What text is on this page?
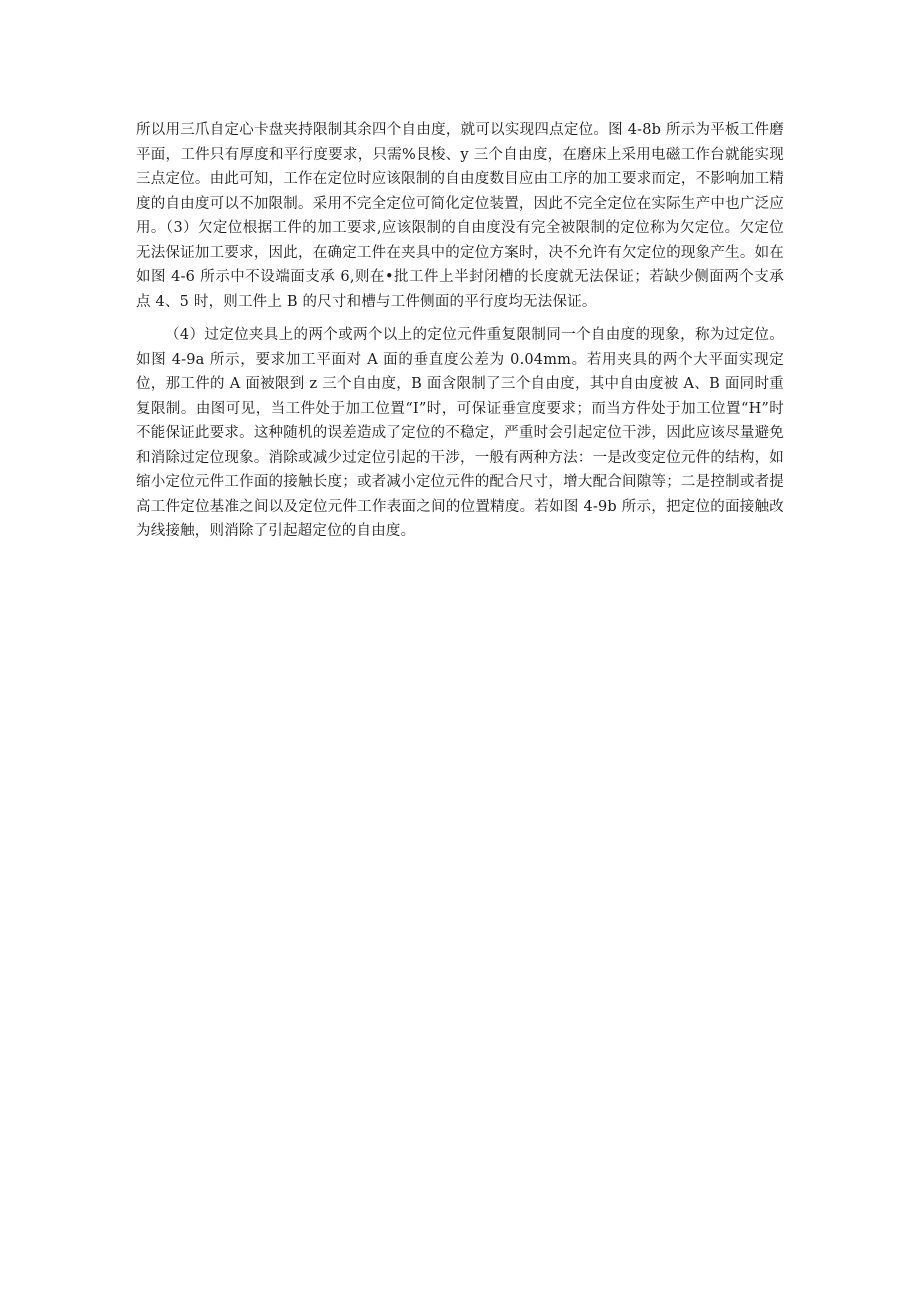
所以用三爪自定心卡盘夹持限制其余四个自由度，就可以实现四点定位。图 4-8b 所示为平板工件磨平面，工件只有厚度和平行度要求，只需%艮梭、y 三个自由度，在磨床上采用电磁工作台就能实现三点定位。由此可知，工作在定位时应该限制的自由度数目应由工序的加工要求而定，不影响加工精度的自由度可以不加限制。采用不完全定位可简化定位装置，因此不完全定位在实际生产中也广泛应用。（3）欠定位根据工件的加工要求,应该限制的自由度没有完全被限制的定位称为欠定位。欠定位无法保证加工要求，因此，在确定工件在夹具中的定位方案时，决不允许有欠定位的现象产生。如在如图 4-6 所示中不设端面支承 6,则在•批工件上半封闭槽的长度就无法保证；若缺少侧面两个支承点 4、5 时，则工件上 B 的尺寸和槽与工件侧面的平行度均无法保证。

（4）过定位夹具上的两个或两个以上的定位元件重复限制同一个自由度的现象，称为过定位。如图 4-9a 所示，要求加工平面对 A 面的垂直度公差为 0.04mm。若用夹具的两个大平面实现定位，那工件的 A 面被限到 z 三个自由度，B 面含限制了三个自由度，其中自由度被 A、B 面同时重复限制。由图可见，当工件处于加工位置“I”时，可保证垂宣度要求；而当方件处于加工位置“H”时不能保证此要求。这种随机的误差造成了定位的不稳定，严重时会引起定位干涉，因此应该尽量避免和消除过定位现象。消除或减少过定位引起的干涉，一般有两种方法：一是改变定位元件的结构，如缩小定位元件工作面的接触长度；或者减小定位元件的配合尺寸，增大配合间隙等；二是控制或者提高工件定位基准之间以及定位元件工作表面之间的位置精度。若如图 4-9b 所示，把定位的面接触改为线接触，则消除了引起超定位的自由度。
